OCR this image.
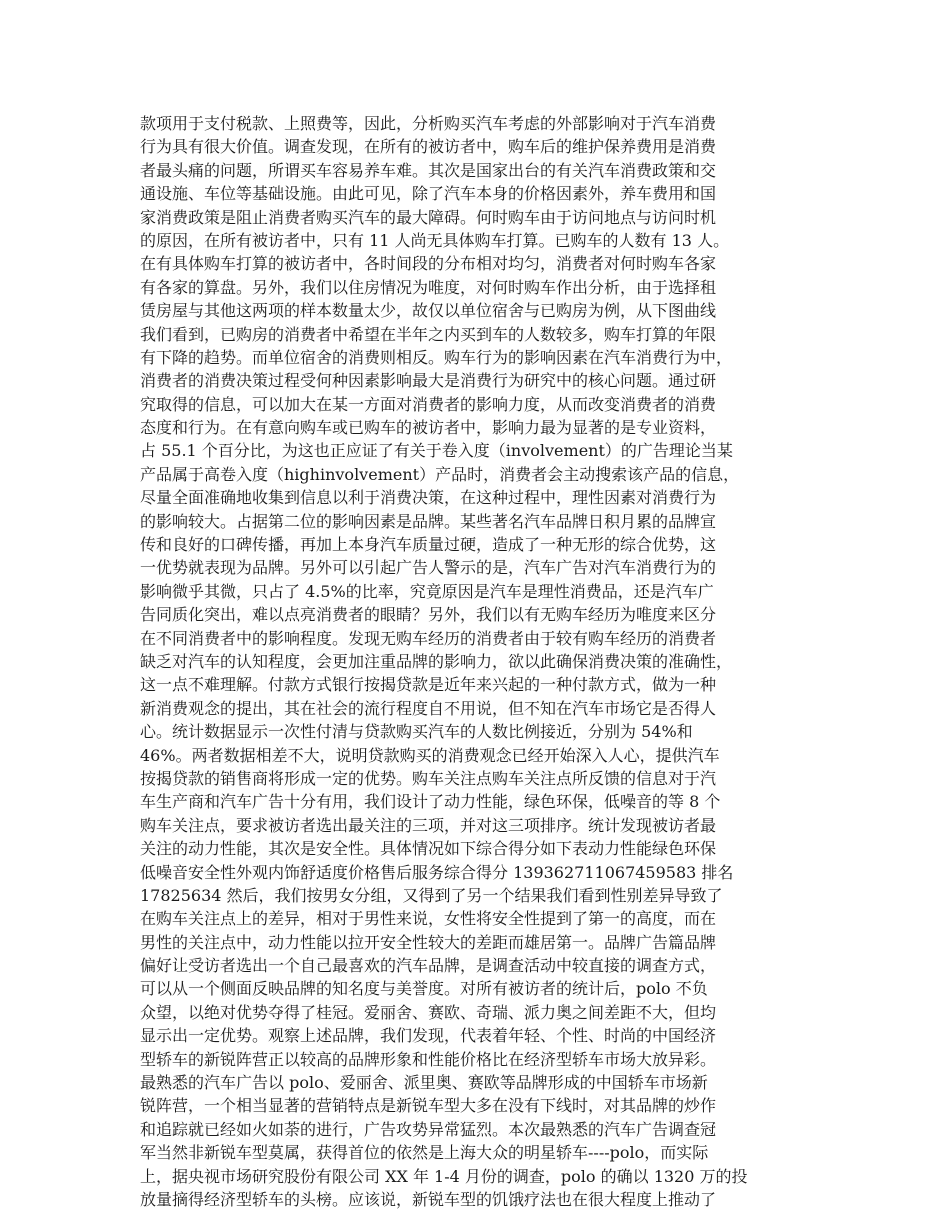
款项用于支付税款、上照费等，因此，分析购买汽车考虑的外部影响对于汽车消费
行为具有很大价值。调查发现，在所有的被访者中，购车后的维护保养费用是消费
者最头痛的问题，所谓买车容易养车难。其次是国家出台的有关汽车消费政策和交
通设施、车位等基础设施。由此可见，除了汽车本身的价格因素外，养车费用和国
家消费政策是阻止消费者购买汽车的最大障碍。何时购车由于访问地点与访问时机
的原因，在所有被访者中，只有 11 人尚无具体购车打算。已购车的人数有 13 人。
在有具体购车打算的被访者中，各时间段的分布相对均匀，消费者对何时购车各家
有各家的算盘。另外，我们以住房情况为唯度，对何时购车作出分析，由于选择租
赁房屋与其他这两项的样本数量太少，故仅以单位宿舍与已购房为例，从下图曲线
我们看到，已购房的消费者中希望在半年之内买到车的人数较多，购车打算的年限
有下降的趋势。而单位宿舍的消费则相反。购车行为的影响因素在汽车消费行为中，
消费者的消费决策过程受何种因素影响最大是消费行为研究中的核心问题。通过研
究取得的信息，可以加大在某一方面对消费者的影响力度，从而改变消费者的消费
态度和行为。在有意向购车或已购车的被访者中，影响力最为显著的是专业资料，
占 55.1 个百分比，为这也正应证了有关于卷入度（involvement）的广告理论当某
产品属于高卷入度（highinvolvement）产品时，消费者会主动搜索该产品的信息，
尽量全面准确地收集到信息以利于消费决策，在这种过程中，理性因素对消费行为
的影响较大。占据第二位的影响因素是品牌。某些著名汽车品牌日积月累的品牌宣
传和良好的口碑传播，再加上本身汽车质量过硬，造成了一种无形的综合优势，这
一优势就表现为品牌。另外可以引起广告人警示的是，汽车广告对汽车消费行为的
影响微乎其微，只占了 4.5%的比率，究竟原因是汽车是理性消费品，还是汽车广
告同质化突出，难以点亮消费者的眼睛？另外，我们以有无购车经历为唯度来区分
在不同消费者中的影响程度。发现无购车经历的消费者由于较有购车经历的消费者
缺乏对汽车的认知程度，会更加注重品牌的影响力，欲以此确保消费决策的准确性，
这一点不难理解。付款方式银行按揭贷款是近年来兴起的一种付款方式，做为一种
新消费观念的提出，其在社会的流行程度自不用说，但不知在汽车市场它是否得人
心。统计数据显示一次性付清与贷款购买汽车的人数比例接近，分别为 54%和
46%。两者数据相差不大，说明贷款购买的消费观念已经开始深入人心，提供汽车
按揭贷款的销售商将形成一定的优势。购车关注点购车关注点所反馈的信息对于汽
车生产商和汽车广告十分有用，我们设计了动力性能，绿色环保，低噪音的等 8 个
购车关注点，要求被访者选出最关注的三项，并对这三项排序。统计发现被访者最
关注的动力性能，其次是安全性。具体情况如下综合得分如下表动力性能绿色环保
低噪音安全性外观内饰舒适度价格售后服务综合得分 13936271106745958​3 排名
17825634 然后，我们按男女分组，又得到了另一个结果我们看到性别差异导致了
在购车关注点上的差异，相对于男性来说，女性将安全性提到了第一的高度，而在
男性的关注点中，动力性能以拉开安全性较大的差距而雄居第一。品牌广告篇品牌
偏好让受访者选出一个自己最喜欢的汽车品牌，是调查活动中较直接的调查方式，
可以从一个侧面反映品牌的知名度与美誉度。对所有被访者的统计后，polo 不负
众望，以绝对优势夺得了桂冠。爱丽舍、赛欧、奇瑞、派力奥之间差距不大，但均
显示出一定优势。观察上述品牌，我们发现，代表着年轻、个性、时尚的中国经济
型轿车的新锐阵营正以较高的品牌形象和性能价格比在经济型轿车市场大放异彩。
最熟悉的汽车广告以 polo、爱丽舍、派里奥、赛欧等品牌形成的中国轿车市场新
锐阵营，一个相当显著的营销特点是新锐车型大多在没有下线时，对其品牌的炒作
和追踪就已经如火如荼的进行，广告攻势异常猛烈。本次最熟悉的汽车广告调查冠
军当然非新锐车型莫属，获得首位的依然是上海大众的明星轿车----polo，而实际
上，据央视市场研究股份有限公司 XX 年 1-4 月份的调查，polo 的确以 1320 万的投
放量摘得经济型轿车的头榜。应该说，新锐车型的饥饿疗法也在很大程度上推动了
